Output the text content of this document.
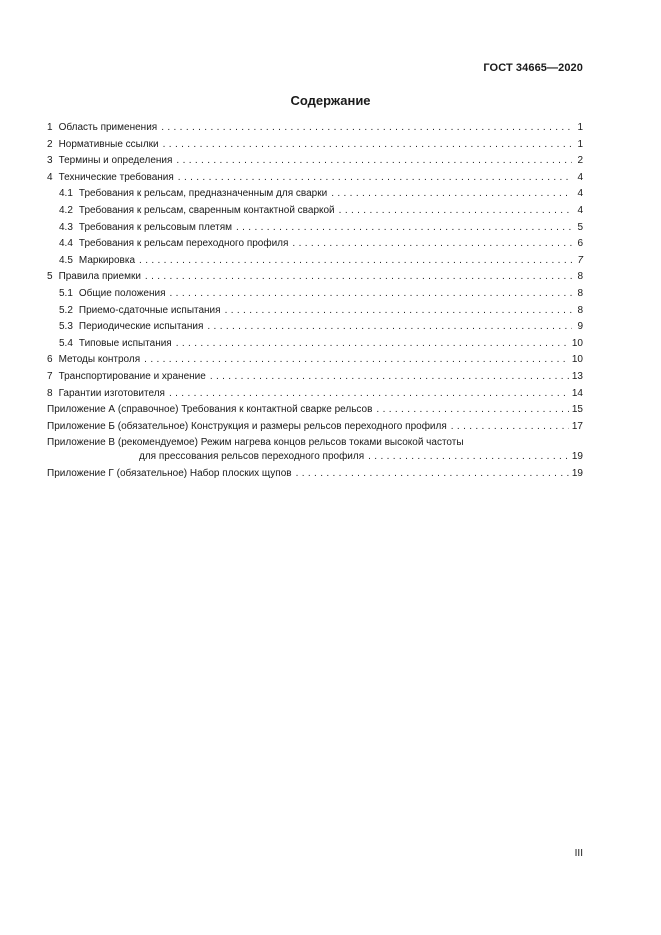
ГОСТ 34665—2020
Содержание
1 Область применения . . .	1
2 Нормативные ссылки . . .	1
3 Термины и определения . . .	2
4 Технические требования . . .	4
4.1 Требования к рельсам, предназначенным для сварки . . .	4
4.2 Требования к рельсам, сваренным контактной сваркой . . .	4
4.3 Требования к рельсовым плетям . . .	5
4.4 Требования к рельсам переходного профиля . . .	6
4.5 Маркировка . . .	7
5 Правила приемки . . .	8
5.1 Общие положения . . .	8
5.2 Приемо-сдаточные испытания . . .	8
5.3 Периодические испытания . . .	9
5.4 Типовые испытания . . .	10
6 Методы контроля . . .	10
7 Транспортирование и хранение . . .	13
8 Гарантии изготовителя . . .	14
Приложение А (справочное) Требования к контактной сварке рельсов . . .	15
Приложение Б (обязательное) Конструкция и размеры рельсов переходного профиля . . .	17
Приложение В (рекомендуемое) Режим нагрева концов рельсов токами высокой частоты
для прессования рельсов переходного профиля . . .	19
Приложение Г (обязательное) Набор плоских щупов . . .	19
III
